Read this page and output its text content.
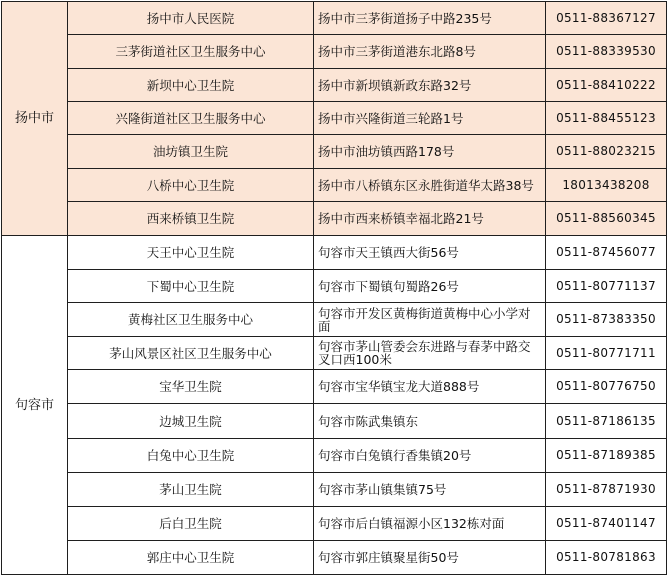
扬中市	扬中市人民医院	扬中市三茅街道扬子中路235号	0511-88367127
	三茅街道社区卫生服务中心	扬中市三茅街道港东北路8号	0511-88339530
	新坝中心卫生院	扬中市新坝镇新政东路32号	0511-88410222
	兴隆街道社区卫生服务中心	扬中市兴隆街道三轮路1号	0511-88455123
	油坊镇卫生院	扬中市油坊镇西路178号	0511-88023215
	八桥中心卫生院	扬中市八桥镇东区永胜街道华太路38号	18013438208
	西来桥镇卫生院	扬中市西来桥镇幸福北路21号	0511-88560345
句容市	天王中心卫生院	句容市天王镇西大街56号	0511-87456077
	下蜀中心卫生院	句容市下蜀镇句蜀路26号	0511-80771137
	黄梅社区卫生服务中心	句容市开发区黄梅街道黄梅中心小学对面	0511-87383350
	茅山风景区社区卫生服务中心	句容市茅山管委会东进路与春茅中路交叉口西100米	0511-80771711
	宝华卫生院	句容市宝华镇宝龙大道888号	0511-80776750
	边城卫生院	句容市陈武集镇东	0511-87186135
	白兔中心卫生院	句容市白兔镇行香集镇20号	0511-87189385
	茅山卫生院	句容市茅山镇集镇75号	0511-87871930
	后白卫生院	句容市后白镇福源小区132栋对面	0511-87401147
	郭庄中心卫生院	句容市郭庄镇聚星街50号	0511-80781863
